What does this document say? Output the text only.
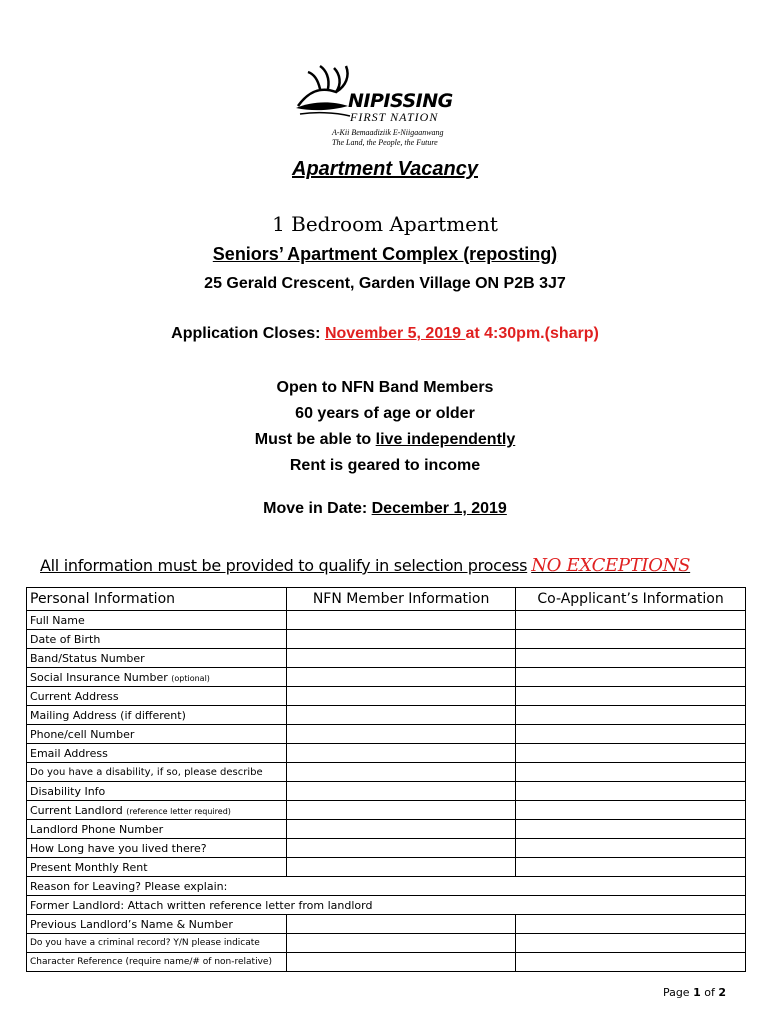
NIPISSING
FIRST NATION
A-Kii Bemaadiziik E-Niigaanwang
The Land, the People, the Future
Apartment Vacancy
1 Bedroom Apartment
Seniors’ Apartment Complex (reposting)
25 Gerald Crescent, Garden Village ON P2B 3J7
Application Closes: November 5, 2019 at 4:30pm.(sharp)
Open to NFN Band Members
60 years of age or older
Must be able to live independently
Rent is geared to income
Move in Date: December 1, 2019
All information must be provided to qualify in selection process NO EXCEPTIONS
Personal Information	NFN Member Information	Co-Applicant’s Information
Full Name		
Date of Birth		
Band/Status Number		
Social Insurance Number (optional)		
Current Address		
Mailing Address (if different)		
Phone/cell Number		
Email Address		
Do you have a disability, if so, please describe		
Disability Info		
Current Landlord (reference letter required)		
Landlord Phone Number		
How Long have you lived there?		
Present Monthly Rent		
Reason for Leaving? Please explain:		
Former Landlord: Attach written reference letter from landlord		
Previous Landlord’s Name & Number		
Do you have a criminal record? Y/N please indicate		
Character Reference (require name/# of non-relative)		
Page 1 of 2
